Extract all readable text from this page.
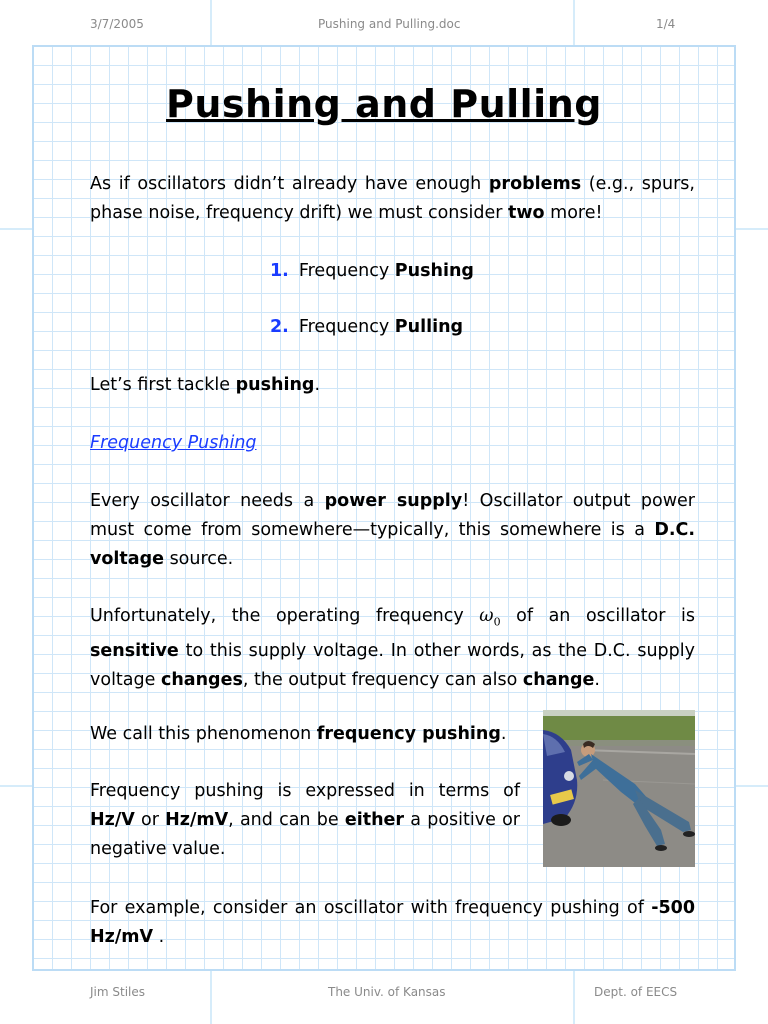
3/7/2005	Pushing and Pulling.doc	1/4
Pushing and Pulling
As if oscillators didn’t already have enough problems (e.g., spurs, phase noise, frequency drift) we must consider two more!
1. Frequency Pushing
2. Frequency Pulling
Let’s first tackle pushing.
Frequency Pushing
Every oscillator needs a power supply! Oscillator output power must come from somewhere—typically, this somewhere is a D.C. voltage source.
Unfortunately, the operating frequency $\omega_0$ of an oscillator is sensitive to this supply voltage. In other words, as the D.C. supply voltage changes, the output frequency can also change.
We call this phenomenon frequency pushing.
Frequency pushing is expressed in terms of Hz/V or Hz/mV, and can be either a positive or negative value.
For example, consider an oscillator with frequency pushing of -500 Hz/mV .
Jim Stiles	The Univ. of Kansas	Dept. of EECS
